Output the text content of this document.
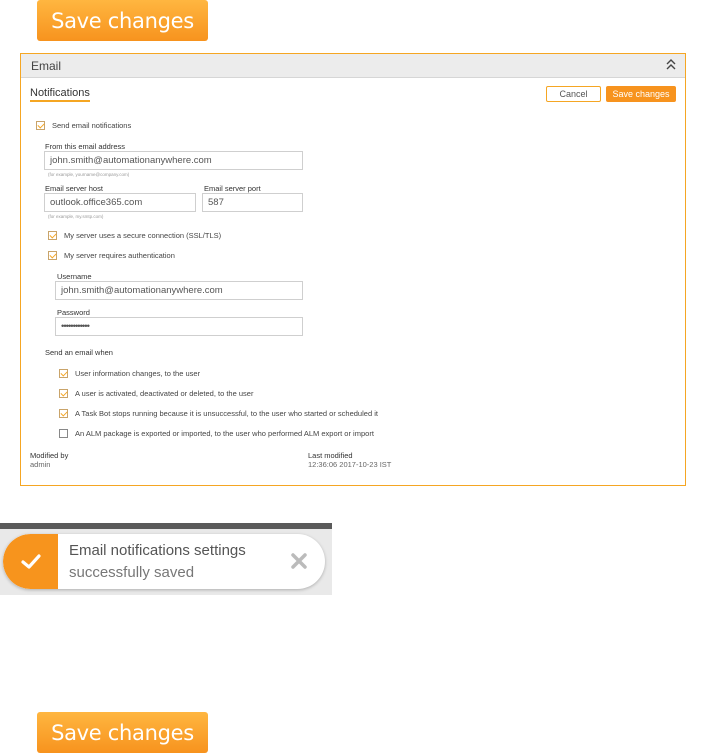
Save changes
Email
Notifications	Cancel	Save changes
Send email notifications
From this email address
john.smith@automationanywhere.com
(for example, yourname@company.com)
Email server host
outlook.office365.com
(for example, my.smtp.com)
Email server port
587
My server uses a secure connection (SSL/TLS)
My server requires authentication
Username
john.smith@automationanywhere.com
Password
••••••••••••
Send an email when
User information changes, to the user
A user is activated, deactivated or deleted, to the user
A Task Bot stops running because it is unsuccessful, to the user who started or scheduled it
An ALM package is exported or imported, to the user who performed ALM export or import
Modified by
admin
Last modified
12:36:06 2017-10-23 IST
Email notifications settings
successfully saved
Save changes
